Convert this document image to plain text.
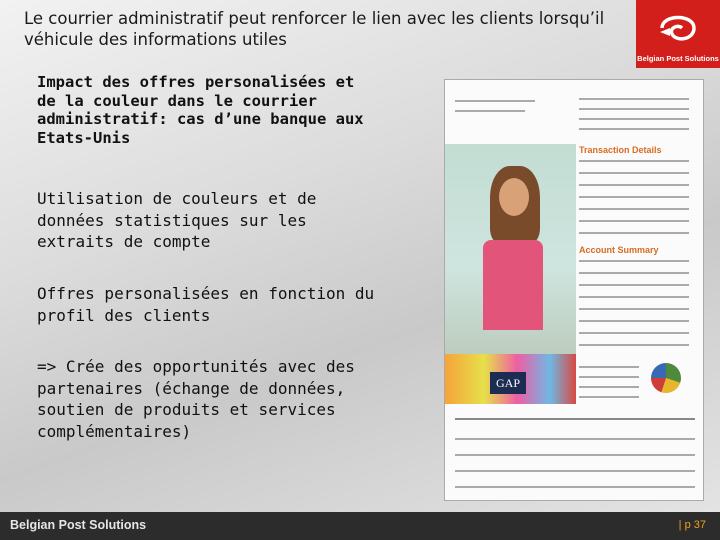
Le courrier administratif peut renforcer le lien avec les clients lorsqu’il véhicule des informations utiles
Belgian Post Solutions
Impact des offres personalisées et de la couleur dans le courrier administratif: cas d’une banque aux Etats-Unis
Utilisation de couleurs et de données statistiques sur les extraits de compte
Offres personalisées en fonction du profil des clients
=> Crée des opportunités avec des partenaires (échange de données, soutien de produits et services complémentaires)
GAP
Transaction Details
Account Summary
Belgian Post Solutions	| p 37
